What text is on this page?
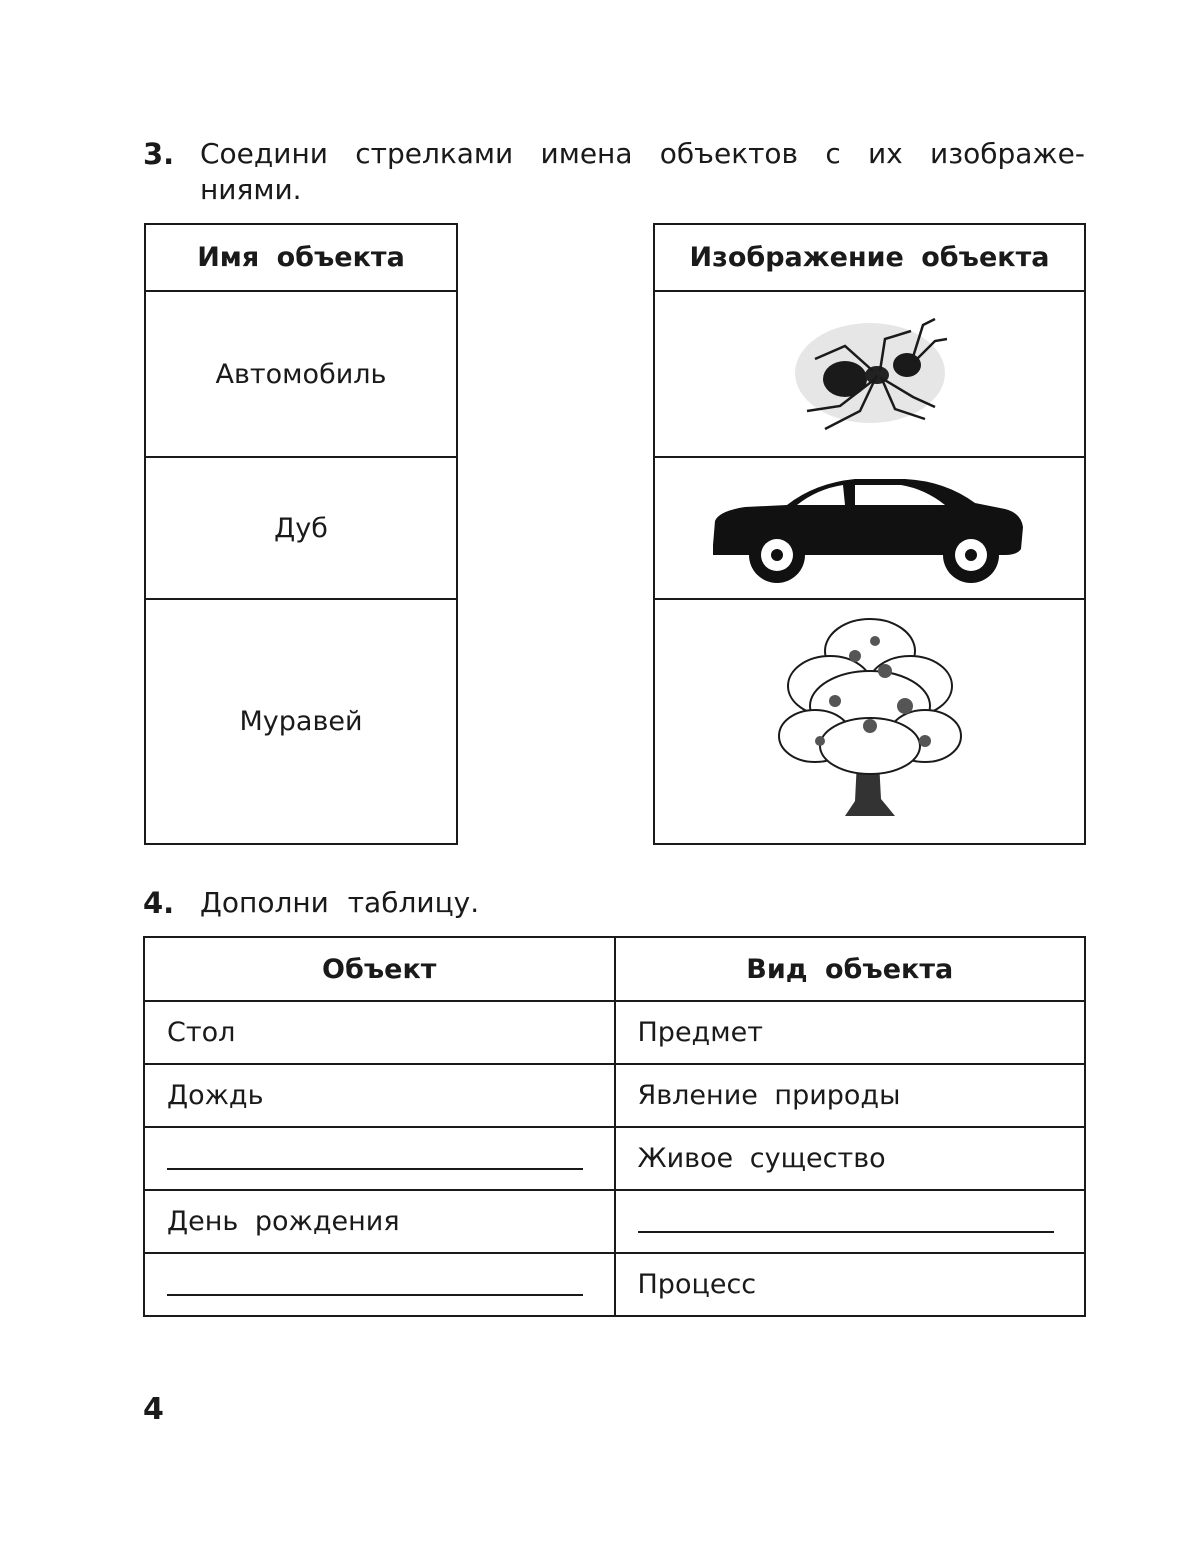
3. Соедини стрелками имена объектов с их изображениями.
Имя объекта
Автомобиль
Дуб
Муравей
Изображение объекта

4. Дополни таблицу.
Объект	Вид объекта
Стол	Предмет
Дождь	Явление природы
	Живое существо
День рождения	
	Процесс
4
